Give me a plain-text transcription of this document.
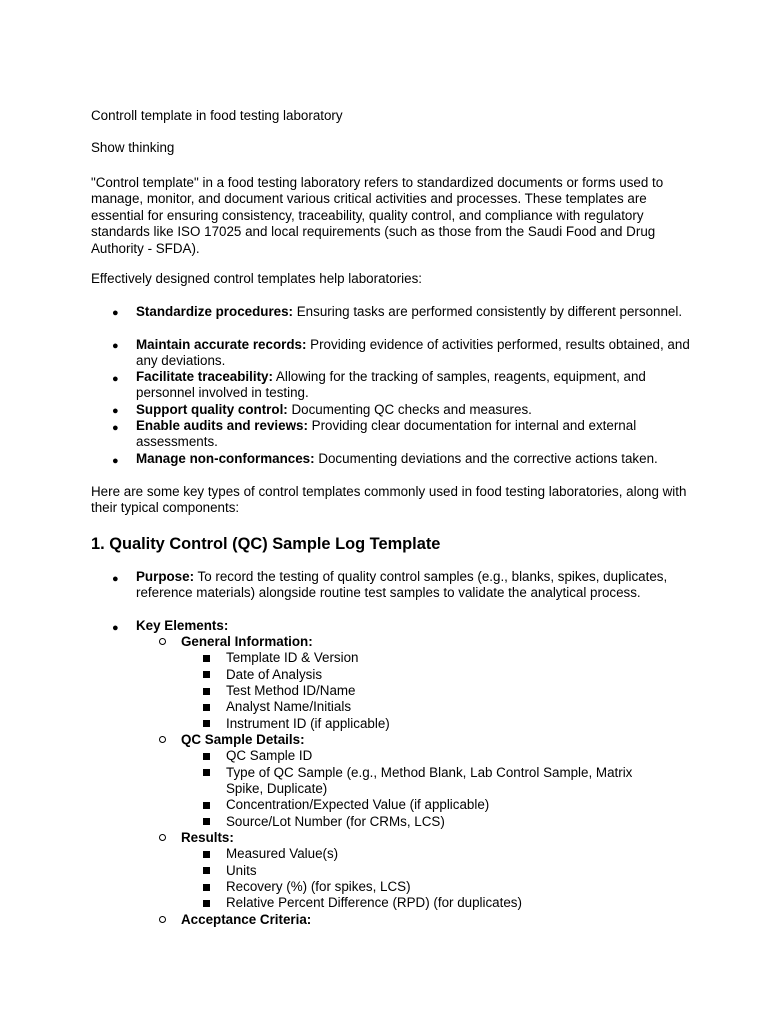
Controll template in food testing laboratory

Show thinking

"Control template" in a food testing laboratory refers to standardized documents or forms used to manage, monitor, and document various critical activities and processes. These templates are essential for ensuring consistency, traceability, quality control, and compliance with regulatory standards like ISO 17025 and local requirements (such as those from the Saudi Food and Drug Authority - SFDA).

Effectively designed control templates help laboratories:

● Standardize procedures: Ensuring tasks are performed consistently by different personnel.

● Maintain accurate records: Providing evidence of activities performed, results obtained, and any deviations.

● Facilitate traceability: Allowing for the tracking of samples, reagents, equipment, and personnel involved in testing.

● Support quality control: Documenting QC checks and measures.

● Enable audits and reviews: Providing clear documentation for internal and external assessments.

● Manage non-conformances: Documenting deviations and the corrective actions taken.

Here are some key types of control templates commonly used in food testing laboratories, along with their typical components:

1. Quality Control (QC) Sample Log Template

● Purpose: To record the testing of quality control samples (e.g., blanks, spikes, duplicates, reference materials) alongside routine test samples to validate the analytical process.

● Key Elements:

General Information:

Template ID & Version

Date of Analysis

Test Method ID/Name

Analyst Name/Initials

Instrument ID (if applicable)

QC Sample Details:

QC Sample ID

Type of QC Sample (e.g., Method Blank, Lab Control Sample, Matrix Spike, Duplicate)

Concentration/Expected Value (if applicable)

Source/Lot Number (for CRMs, LCS)

Results:

Measured Value(s)

Units

Recovery (%) (for spikes, LCS)

Relative Percent Difference (RPD) (for duplicates)

Acceptance Criteria:
